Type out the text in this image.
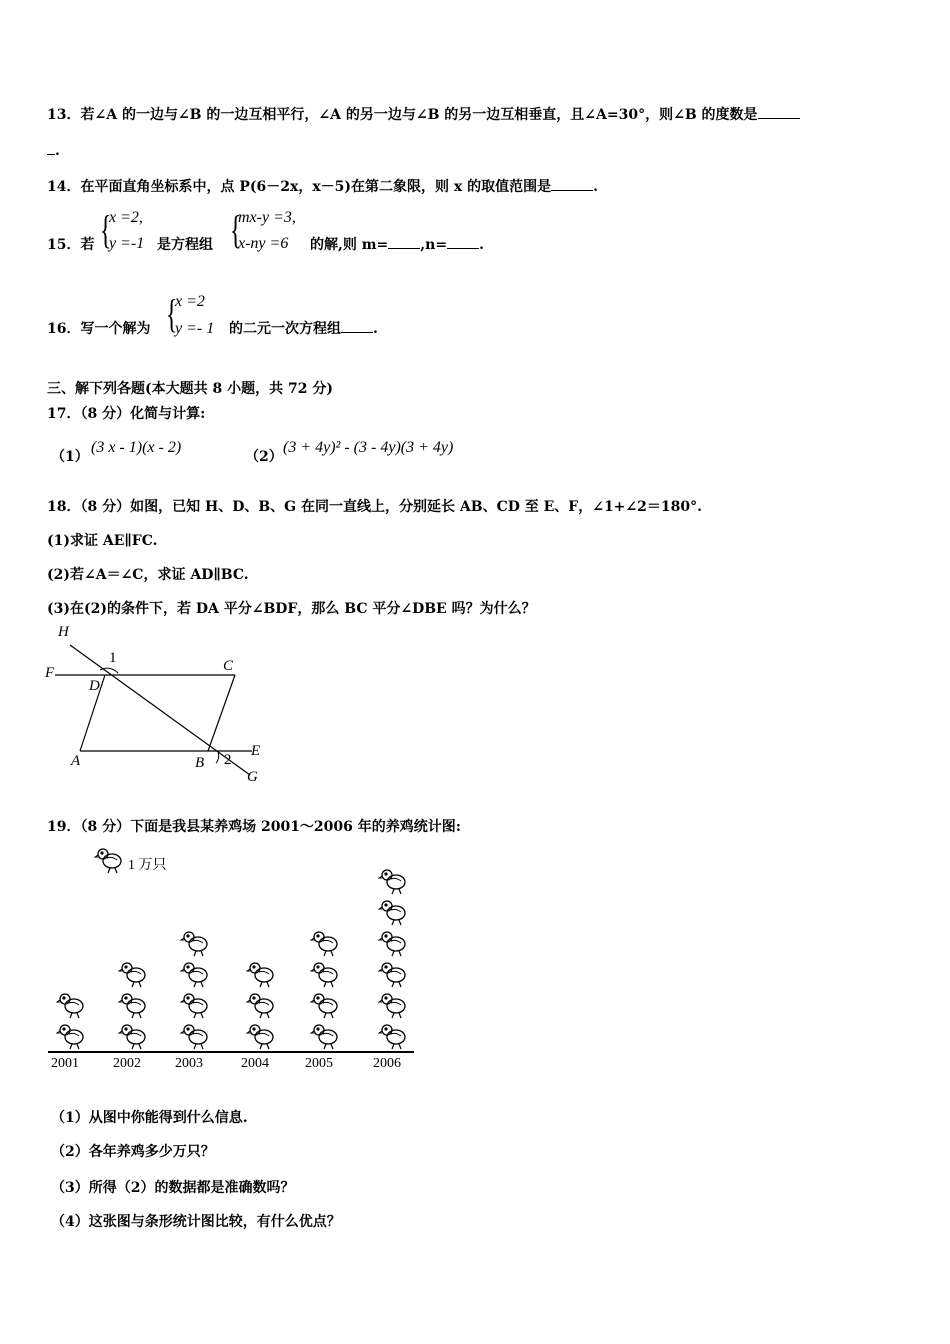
13．若∠A 的一边与∠B 的一边互相平行，∠A 的另一边与∠B 的另一边互相垂直，且∠A=30°，则∠B 的度数是
.
14．在平面直角坐标系中，点 P(6－2x，x－5)在第二象限，则 x 的取值范围是	.
15．若 {
x =2,
y =-1 是方程组 {
mx-y =3,
x-ny =6 的解,则 m= ,n= .
16．写一个解为 {
x =2
y =- 1 的二元一次方程组 .
三、解下列各题(本大题共 8 小题，共 72 分)
17．（8 分）化简与计算:
（1）
(3 x - 1)(x - 2)
（2）
(3 + 4y)² - (3 - 4y)(3 + 4y)
18．（8 分）如图，已知 H、D、B、G 在同一直线上，分别延长 AB、CD 至 E、F，∠1+∠2＝180°.
(1)求证 AE∥FC.
(2)若∠A＝∠C，求证 AD∥BC.
(3)在(2)的条件下，若 DA 平分∠BDF，那么 BC 平分∠DBE 吗？为什么？
H
F
D
1	C
A	B 2
E
G
19．（8 分）下面是我县某养鸡场 2001～2006 年的养鸡统计图:
1 万只
2001 2002 2003	2004	2005	2006
（1）从图中你能得到什么信息.
（2）各年养鸡多少万只？
（3）所得（2）的数据都是准确数吗？
（4）这张图与条形统计图比较，有什么优点？
